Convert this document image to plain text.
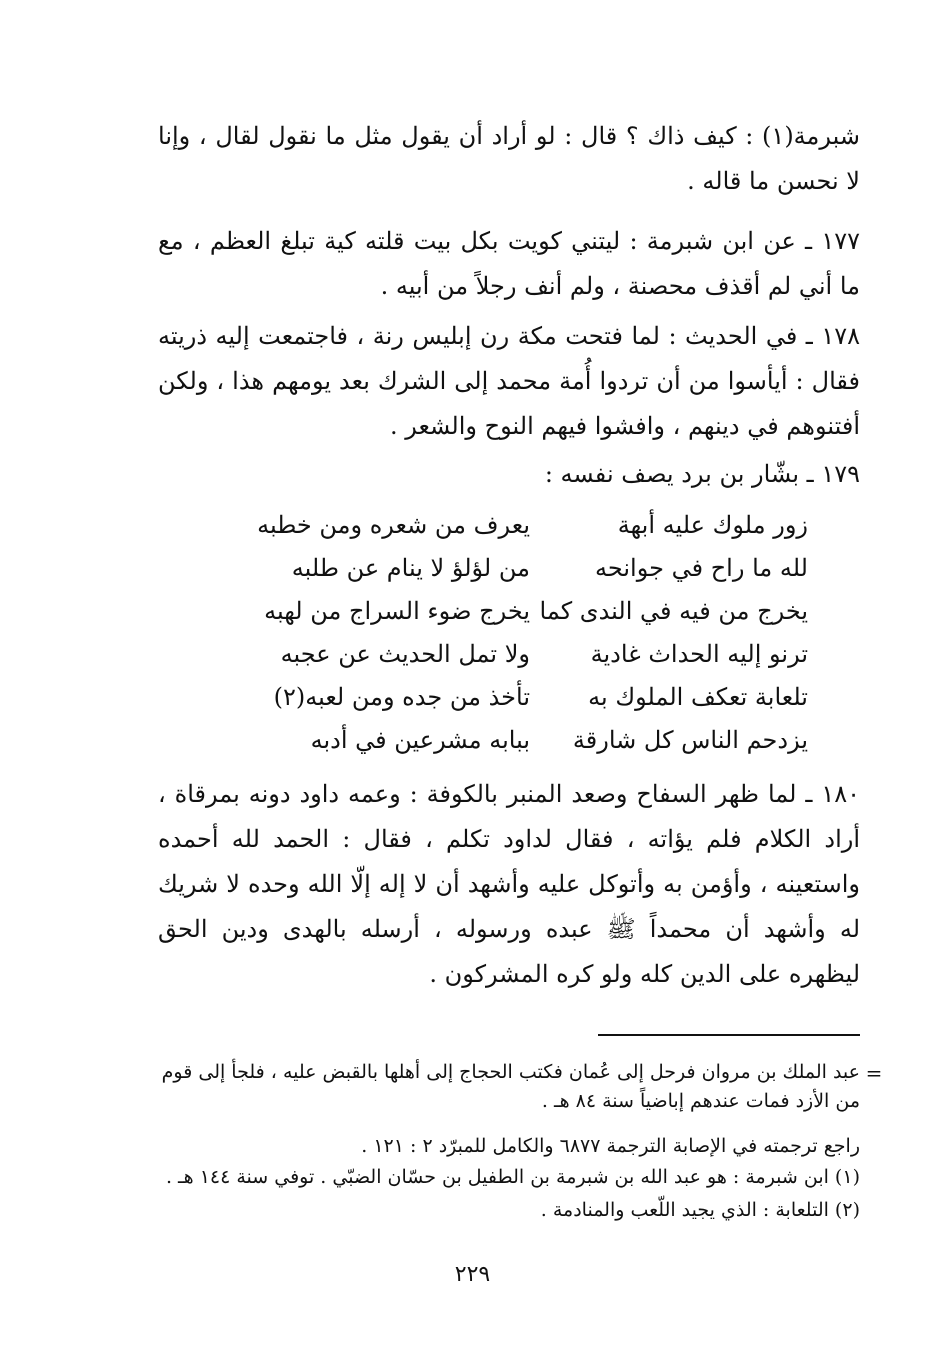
شبرمة(١) : كيف ذاك ؟ قال : لو أراد أن يقول مثل ما نقول لقال ، وإنا لا نحسن ما قاله .

١٧٧ ـ عن ابن شبرمة : ليتني كويت بكل بيت قلته كية تبلغ العظم ، مع ما أني لم أقذف محصنة ، ولم أنف رجلاً من أبيه .

١٧٨ ـ في الحديث : لما فتحت مكة رن إبليس رنة ، فاجتمعت إليه ذريته فقال : أيأسوا من أن تردوا أُمة محمد إلى الشرك بعد يومهم هذا ، ولكن أفتنوهم في دينهم ، وافشوا فيهم النوح والشعر .

١٧٩ ـ بشّار بن برد يصف نفسه :

زور ملوك عليه أبهة
يعرف من شعره ومن خطبه
لله ما راح في جوانحه
من لؤلؤ لا ينام عن طلبه
يخرج من فيه في الندى كما
يخرج ضوء السراج من لهبه
ترنو إليه الحداث غادية
ولا تمل الحديث عن عجبه
تلعابة تعكف الملوك به
تأخذ من جده ومن لعبه(٢)
يزدحم الناس كل شارقة
ببابه مشرعين في أدبه

١٨٠ ـ لما ظهر السفاح وصعد المنبر بالكوفة : وعمه داود دونه بمرقاة ، أراد الكلام فلم يؤاته ، فقال لداود تكلم ، فقال : الحمد لله أحمده واستعينه ، وأؤمن به وأتوكل عليه وأشهد أن لا إله إلّا الله وحده لا شريك له وأشهد أن محمداً ﷺ عبده ورسوله ، أرسله بالهدى ودين الحق ليظهره على الدين كله ولو كره المشركون .

=

عبد الملك بن مروان فرحل إلى عُمان فكتب الحجاج إلى أهلها بالقبض عليه ، فلجأ إلى قوم من الأزد فمات عندهم إباضياً سنة ٨٤ هـ .

راجع ترجمته في الإصابة الترجمة ٦٨٧٧ والكامل للمبرّد ٢ : ١٢١ .

(١) ابن شبرمة : هو عبد الله بن شبرمة بن الطفيل بن حسّان الضبّي . توفي سنة ١٤٤ هـ .

(٢) التلعابة : الذي يجيد اللّعب والمنادمة .

٢٢٩
